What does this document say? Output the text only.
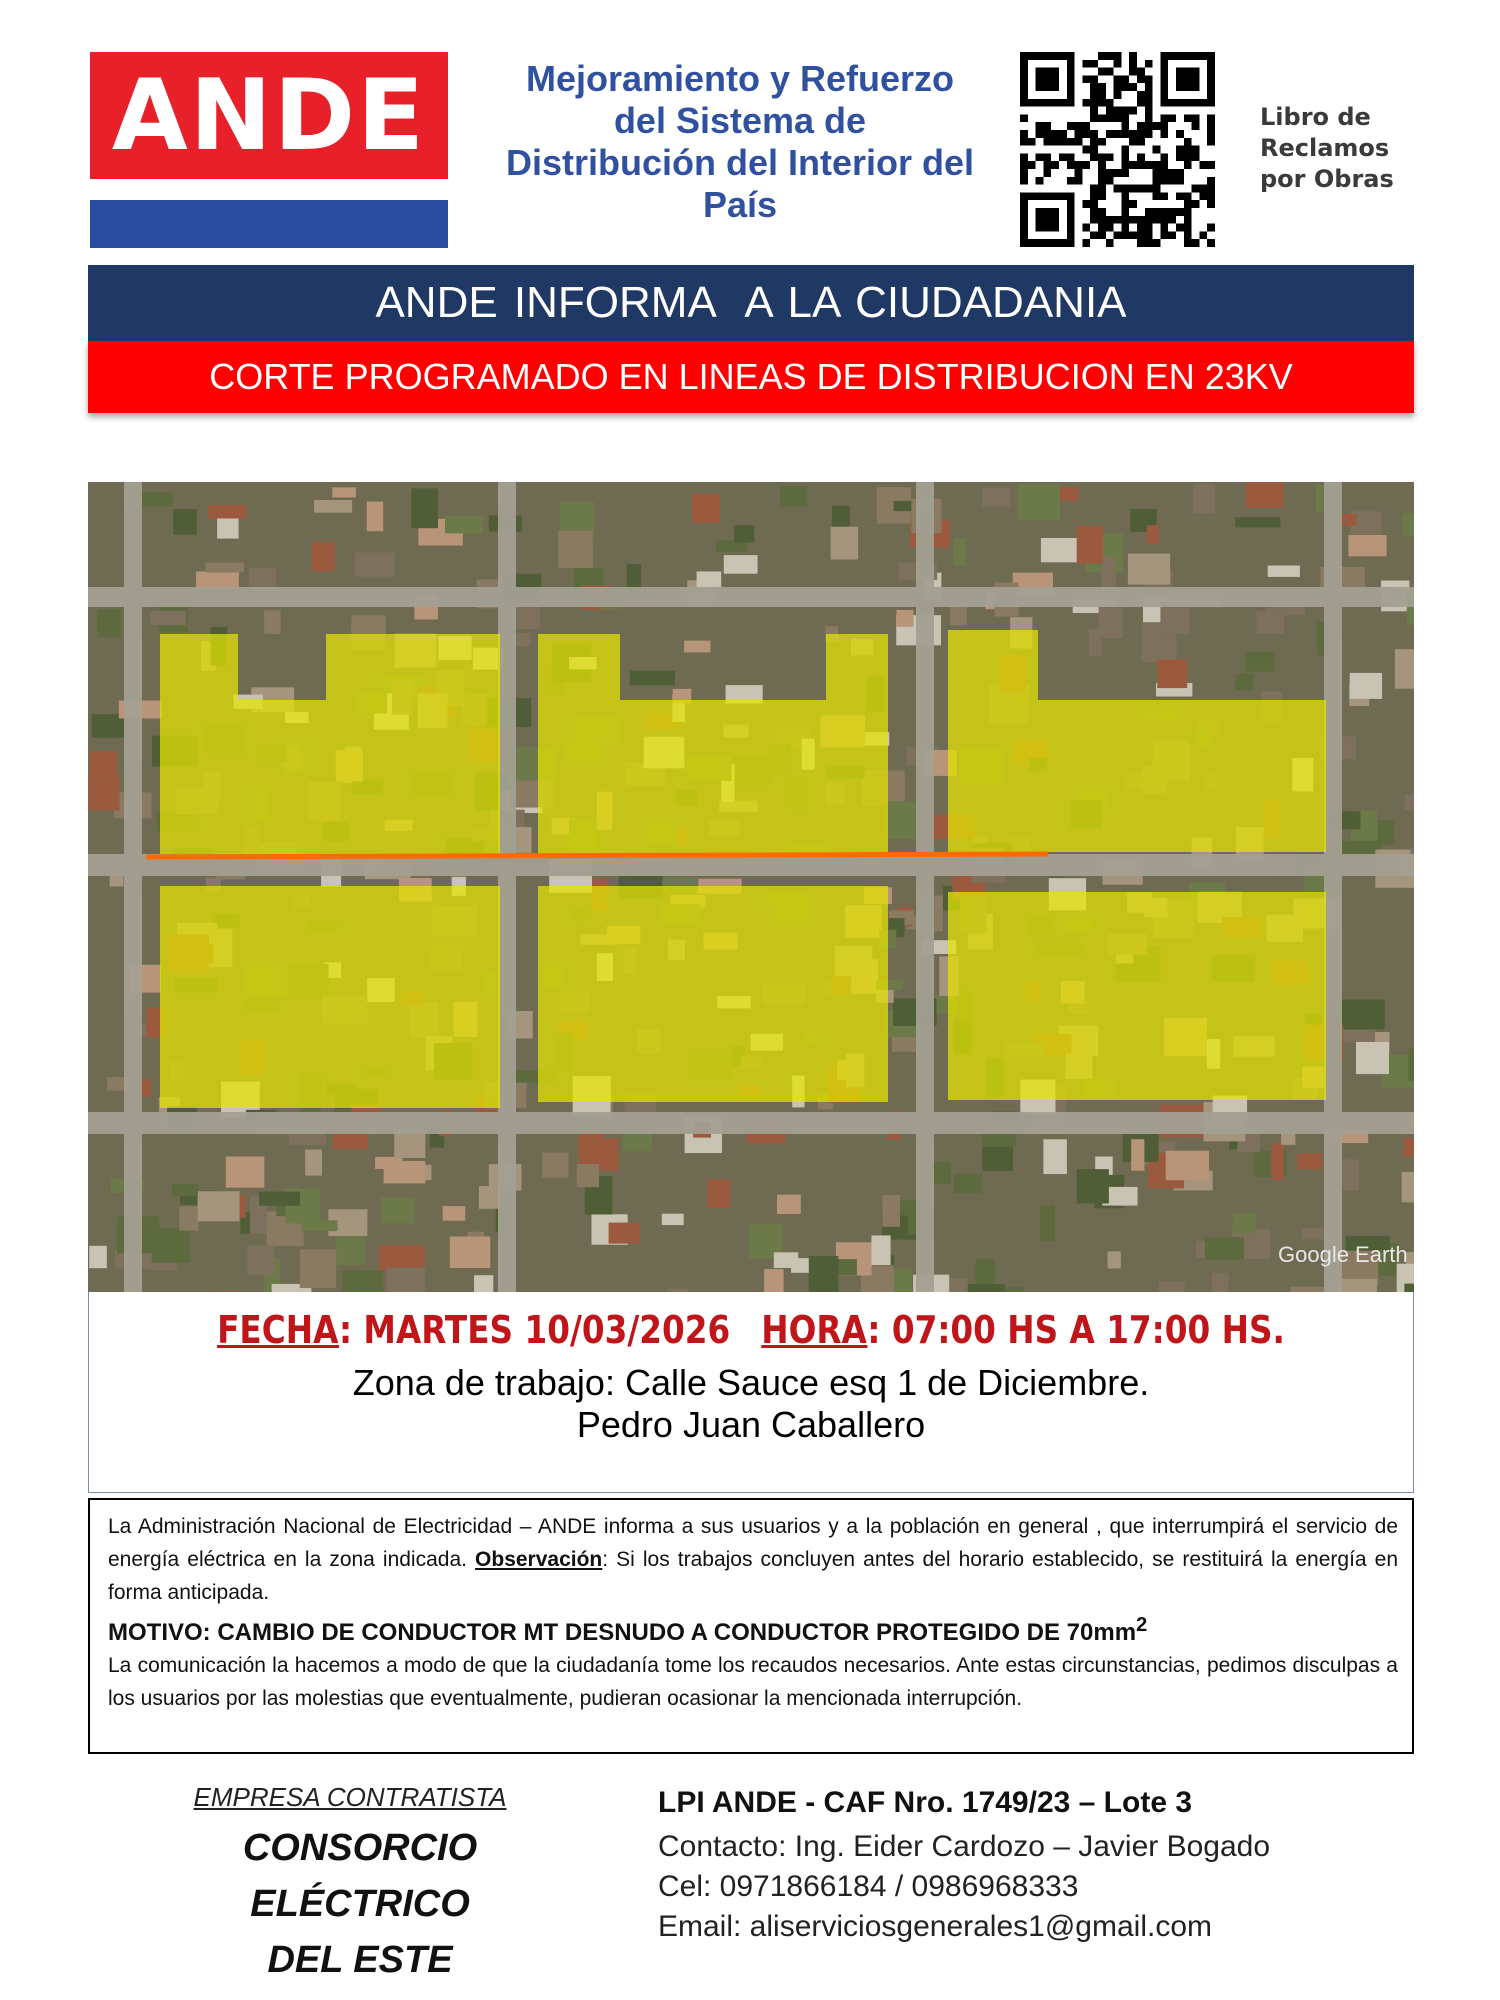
ANDE	Mejoramiento y Refuerzo
del Sistema de
Distribución del Interior del
País
Libro de
Reclamos
por Obras
ANDE INFORMA  A LA CIUDADANIA
CORTE PROGRAMADO EN LINEAS DE DISTRIBUCION EN 23KV
Google Earth
FECHA: MARTES 10/03/2026 HORA: 07:00 HS A 17:00 HS.
Zona de trabajo: Calle Sauce esq 1 de Diciembre.
Pedro Juan Caballero

La Administración Nacional de Electricidad – ANDE informa a sus usuarios y a la población en general , que interrumpirá el servicio de energía eléctrica en la zona indicada. Observación: Si los trabajos concluyen antes del horario establecido, se restituirá la energía en forma anticipada.

MOTIVO: CAMBIO DE CONDUCTOR MT DESNUDO A CONDUCTOR PROTEGIDO DE $70mm^2$

La comunicación la hacemos a modo de que la ciudadanía tome los recaudos necesarios. Ante estas circunstancias, pedimos disculpas a los usuarios por las molestias que eventualmente, pudieran ocasionar la mencionada interrupción.

EMPRESA CONTRATISTA
CONSORCIO
ELÉCTRICO
DEL ESTE
LPI ANDE - CAF Nro. 1749/23 – Lote 3
Contacto: Ing. Eider Cardozo – Javier Bogado
Cel: 0971866184 / 0986968333
Email: aliserviciosgenerales1@gmail.com
